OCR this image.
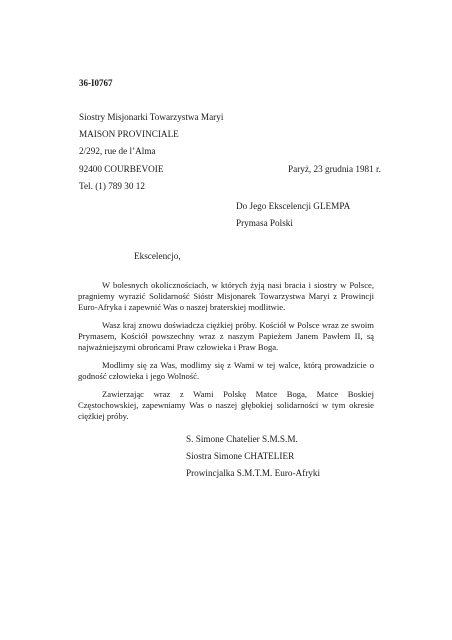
36-I0767
Siostry Misjonarki Towarzystwa Maryi
MAISON PROVINCIALE
2/292, rue de l’Alma
92400 COURBEVOIE
Tel. (1) 789 30 12
Paryż, 23 grudnia 1981 r.
Do Jego Ekscelencji GLEMPA
Prymasa Polski
Ekscelencjo,

W bolesnych okolicznościach, w których żyją nasi bracia i siostry w Polsce, pragniemy wyrazić Solidarność Sióstr Misjonarek Towarzystwa Maryi z Prowincji Euro-Afryka i zapewnić Was o naszej braterskiej modlitwie.

Wasz kraj znowu doświadcza ciężkiej próby. Kościół w Polsce wraz ze swoim Prymasem, Kościół powszechny wraz z naszym Papieżem Janem Pawłem II, są najważniejszymi obrońcami Praw człowieka i Praw Boga.

Modlimy się za Was, modlimy się z Wami w tej walce, którą prowadzicie o godność człowieka i jego Wolność.

Zawierzając wraz z Wami Polskę Matce Boga, Matce Boskiej Częstochowskiej, zapewniamy Was o naszej głębokiej solidarności w tym okresie ciężkiej próby.

S. Simone Chatelier S.M.S.M.
Siostra Simone CHATELIER
Prowincjalka S.M.T.M. Euro-Afryki
